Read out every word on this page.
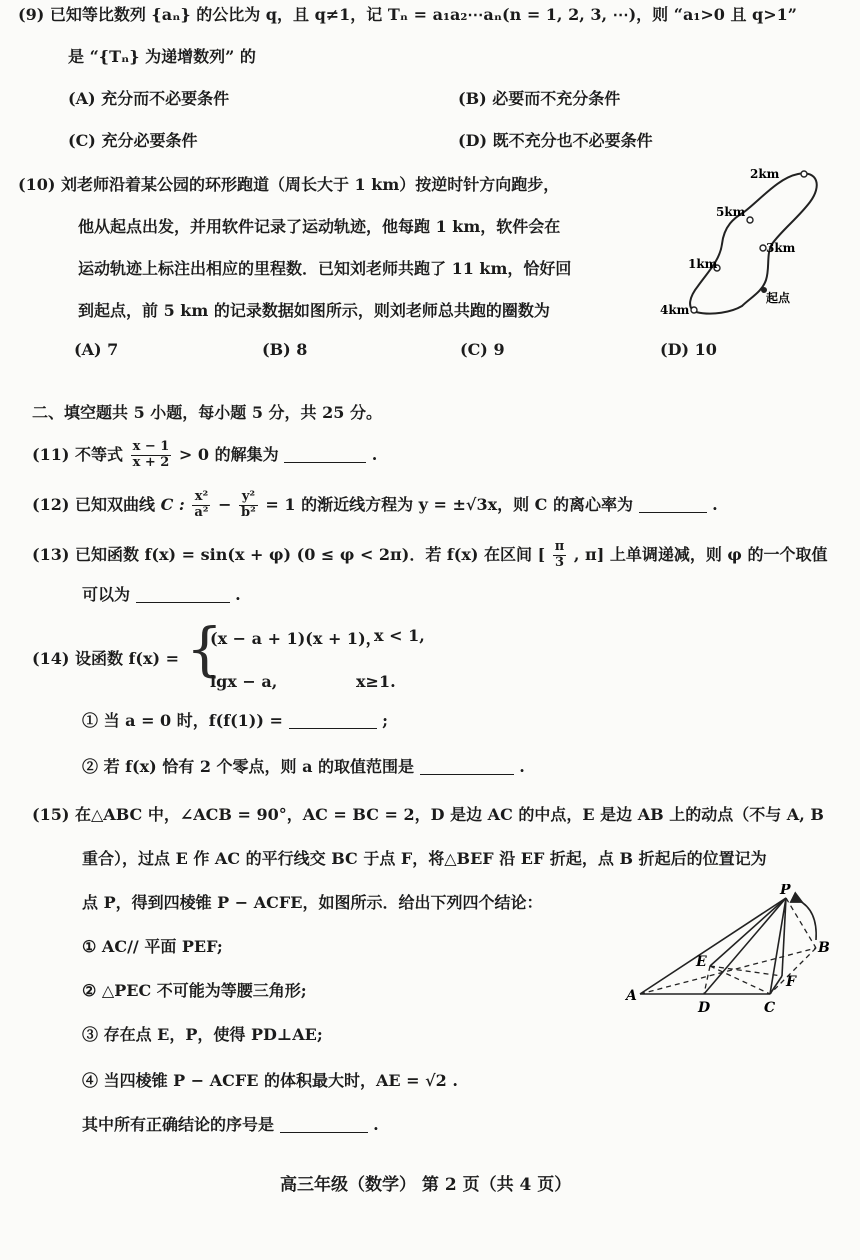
(9) 已知等比数列 {aₙ} 的公比为 q，且 q≠1，记 Tₙ = a₁a₂⋯aₙ(n = 1, 2, 3, ⋯)，则 “a₁>0 且 q>1”
是 “{Tₙ} 为递增数列” 的
(A) 充分而不必要条件	(B) 必要而不充分条件
(C) 充分必要条件	(D) 既不充分也不必要条件
(10) 刘老师沿着某公园的环形跑道（周长大于 1 km）按逆时针方向跑步，
他从起点出发，并用软件记录了运动轨迹，他每跑 1 km，软件会在
运动轨迹上标注出相应的里程数．已知刘老师共跑了 11 km，恰好回
到起点，前 5 km 的记录数据如图所示，则刘老师总共跑的圈数为
(A) 7	(B) 8	(C) 9	(D) 10
2km
5km
3km
1km
4km
起点
二、填空题共 5 小题，每小题 5 分，共 25 分。
(11) 不等式 $\frac{x - 1}{x + 2} > 0$ 的解集为	.
(12) 已知双曲线 C : $\frac{\text{x²}}{\text{a²}} - \frac{\text{y²}}{\text{b²}} = 1$ 的渐近线方程为 y = ±√3x，则 C 的离心率为	.
(13) 已知函数 f(x) = sin(x + φ) (0 ≤ φ < 2π)．若 f(x) 在区间 [ $\frac{\pi}{3}$ , π] 上单调递减，则 φ 的一个取值
可以为	.
(14) 设函数 f(x) = {
(x − a + 1)(x + 1)，
x < 1,
lgx − a,	x≥1.
① 当 a = 0 时，f(f(1)) =	;
② 若 f(x) 恰有 2 个零点，则 a 的取值范围是	.
(15) 在△ABC 中，∠ACB = 90°，AC = BC = 2，D 是边 AC 的中点，E 是边 AB 上的动点（不与 A, B
重合），过点 E 作 AC 的平行线交 BC 于点 F，将△BEF 沿 EF 折起，点 B 折起后的位置记为
点 P，得到四棱锥 P − ACFE，如图所示．给出下列四个结论：
① AC// 平面 PEF;
② △PEC 不可能为等腰三角形;
③ 存在点 E，P，使得 PD⊥AE;
④ 当四棱锥 P − ACFE 的体积最大时，AE = √2 .
其中所有正确结论的序号是	.
P
B
E
F
A
D	C
高三年级（数学） 第 2 页（共 4 页）
